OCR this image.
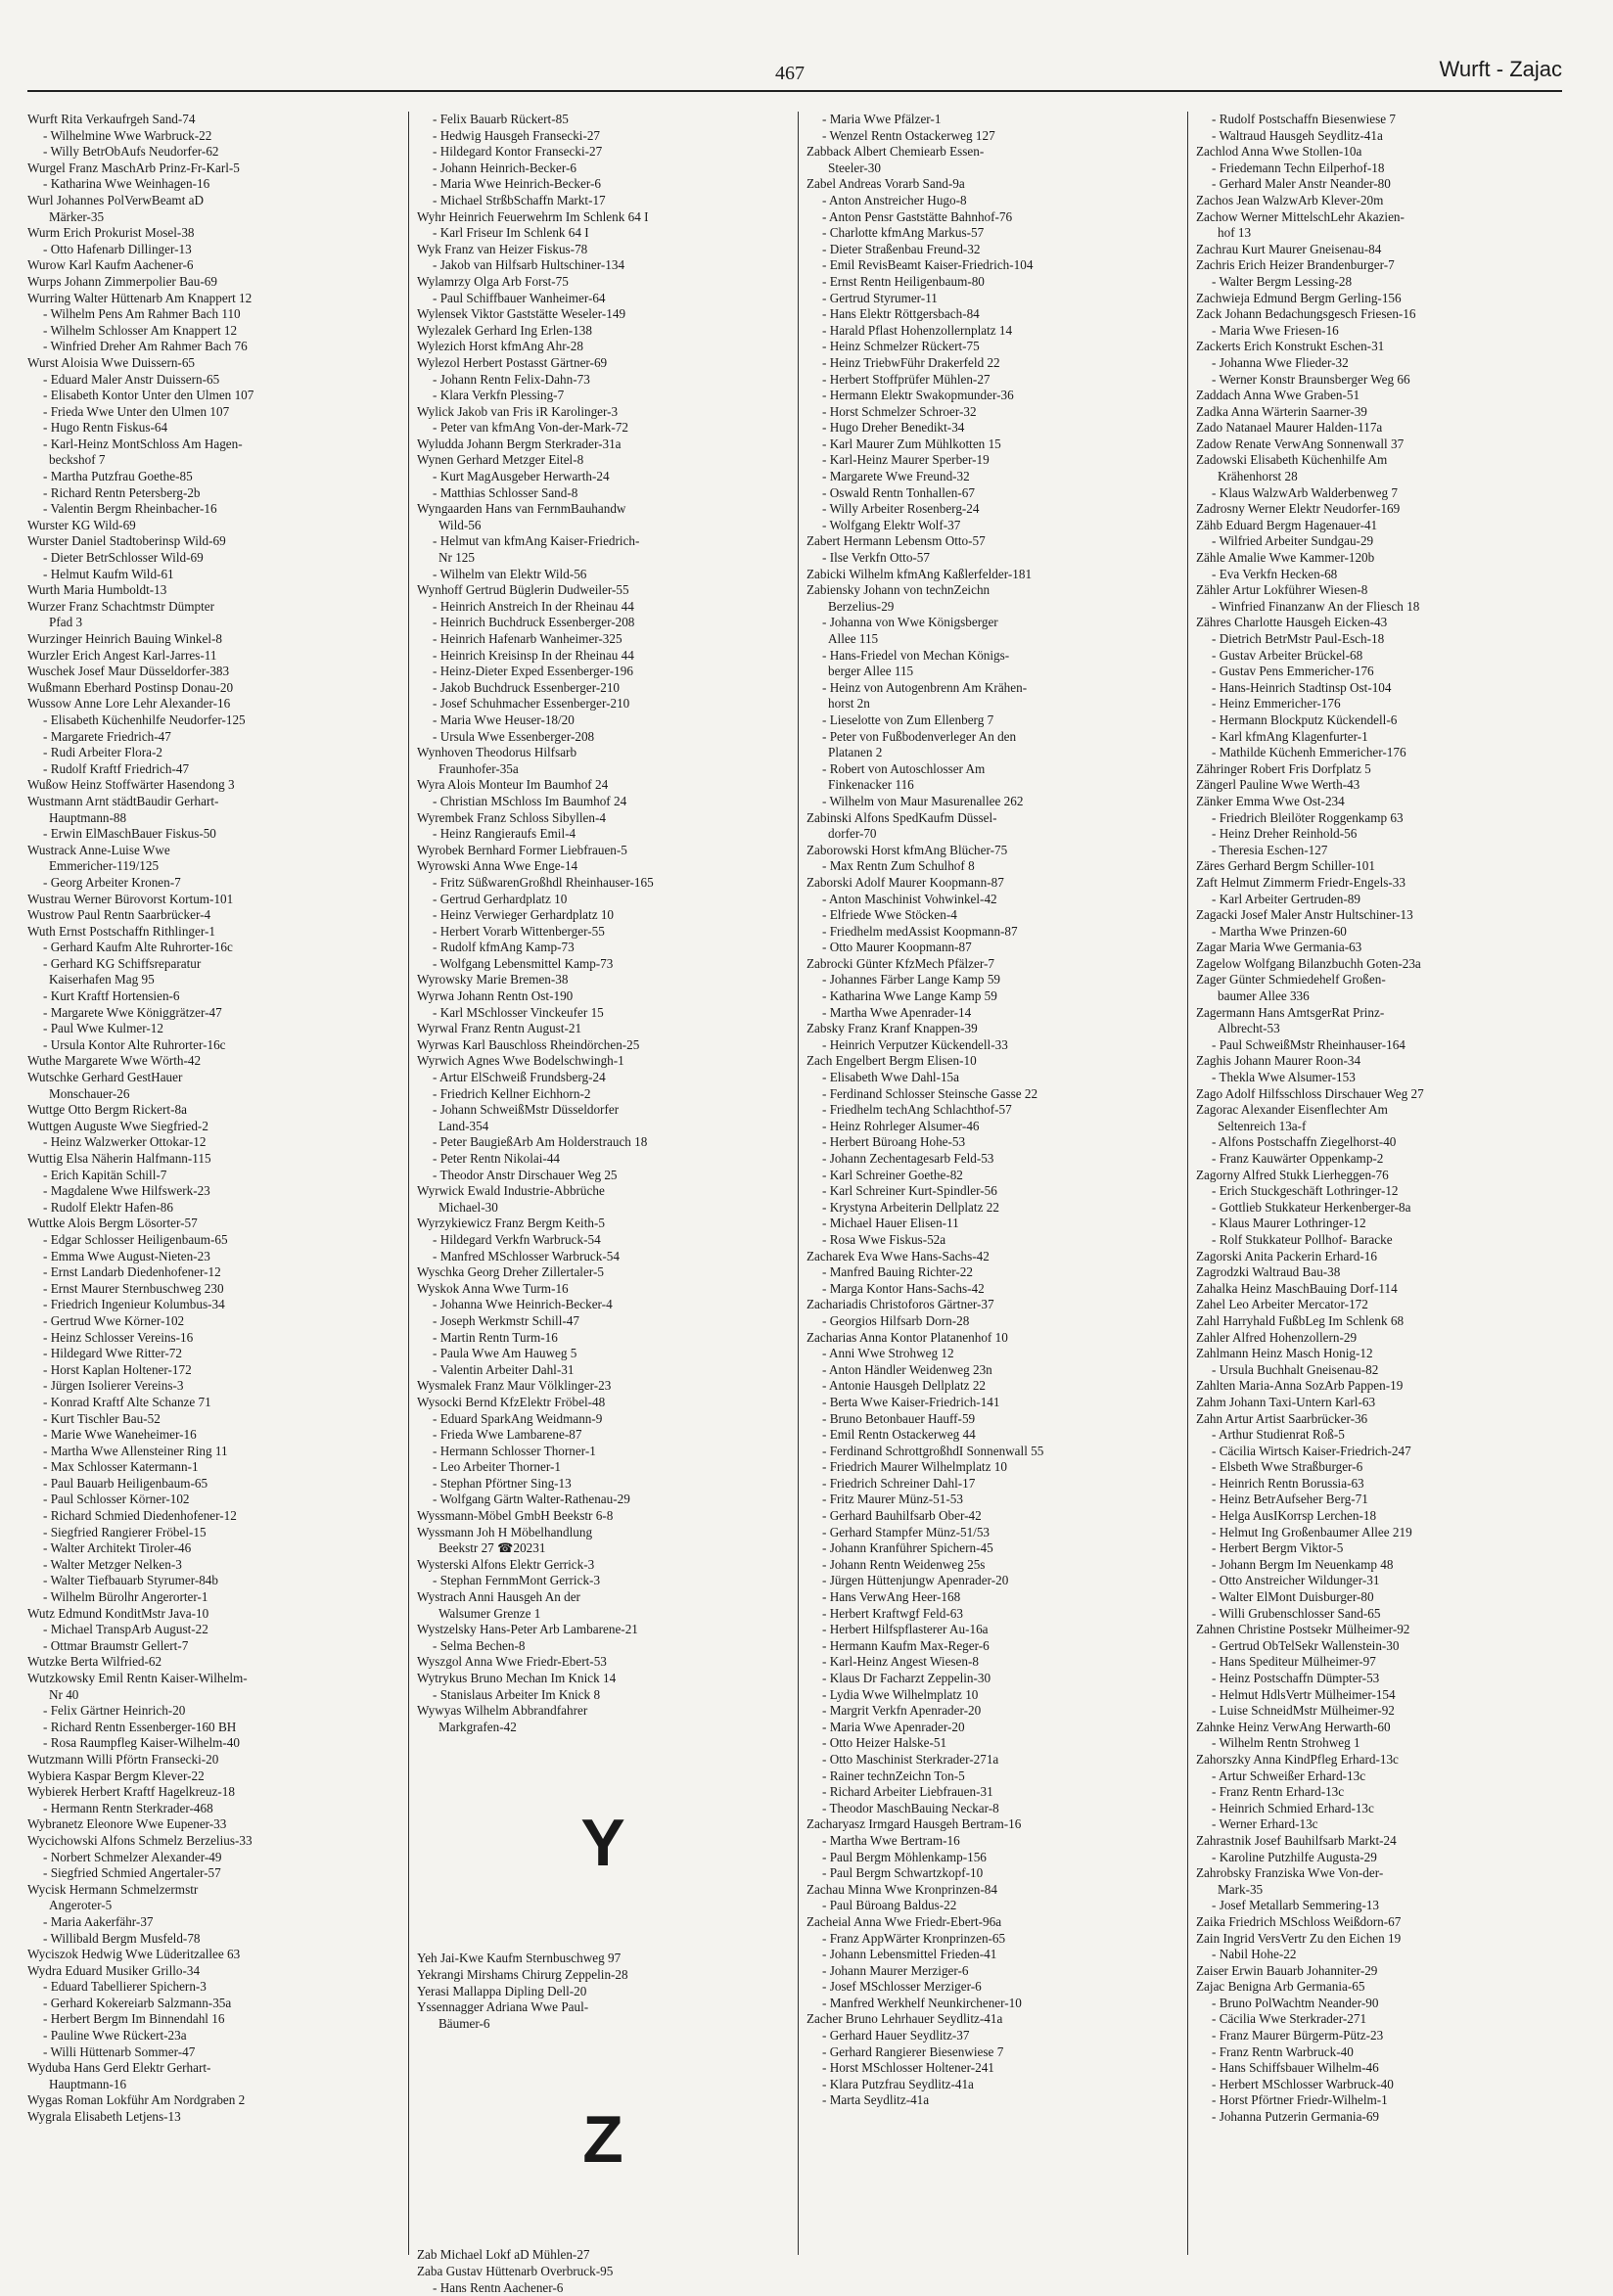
467	Wurft - Zajac
Wurft Rita Verkaufrgeh Sand-74
- Wilhelmine Wwe Warbruck-22
- Willy BetrObAufs Neudorfer-62
Wurgel Franz MaschArb Prinz-Fr-Karl-5
- Katharina Wwe Weinhagen-16
Wurl Johannes PolVerwBeamt aD
Märker-35
Wurm Erich Prokurist Mosel-38
- Otto Hafenarb Dillinger-13
Wurow Karl Kaufm Aachener-6
Wurps Johann Zimmerpolier Bau-69
Wurring Walter Hüttenarb Am Knappert 12
- Wilhelm Pens Am Rahmer Bach 110
- Wilhelm Schlosser Am Knappert 12
- Winfried Dreher Am Rahmer Bach 76
Wurst Aloisia Wwe Duissern-65
- Eduard Maler Anstr Duissern-65
- Elisabeth Kontor Unter den Ulmen 107
- Frieda Wwe Unter den Ulmen 107
- Hugo Rentn Fiskus-64
- Karl-Heinz MontSchloss Am Hagen-
beckshof 7
- Martha Putzfrau Goethe-85
- Richard Rentn Petersberg-2b
- Valentin Bergm Rheinbacher-16
Wurster KG Wild-69
Wurster Daniel Stadtoberinsp Wild-69
- Dieter BetrSchlosser Wild-69
- Helmut Kaufm Wild-61
Wurth Maria Humboldt-13
Wurzer Franz Schachtmstr Dümpter
Pfad 3
Wurzinger Heinrich Bauing Winkel-8
Wurzler Erich Angest Karl-Jarres-11
Wuschek Josef Maur Düsseldorfer-383
Wußmann Eberhard Postinsp Donau-20
Wussow Anne Lore Lehr Alexander-16
- Elisabeth Küchenhilfe Neudorfer-125
- Margarete Friedrich-47
- Rudi Arbeiter Flora-2
- Rudolf Kraftf Friedrich-47
Wußow Heinz Stoffwärter Hasendong 3
Wustmann Arnt städtBaudir Gerhart-
Hauptmann-88
- Erwin ElMaschBauer Fiskus-50
Wustrack Anne-Luise Wwe
Emmericher-119/125
- Georg Arbeiter Kronen-7
Wustrau Werner Bürovorst Kortum-101
Wustrow Paul Rentn Saarbrücker-4
Wuth Ernst Postschaffn Rithlinger-1
- Gerhard Kaufm Alte Ruhrorter-16c
- Gerhard KG Schiffsreparatur
Kaiserhafen Mag 95
- Kurt Kraftf Hortensien-6
- Margarete Wwe Königgrätzer-47
- Paul Wwe Kulmer-12
- Ursula Kontor Alte Ruhrorter-16c
Wuthe Margarete Wwe Wörth-42
Wutschke Gerhard GestHauer
Monschauer-26
Wuttge Otto Bergm Rickert-8a
Wuttgen Auguste Wwe Siegfried-2
- Heinz Walzwerker Ottokar-12
Wuttig Elsa Näherin Halfmann-115
- Erich Kapitän Schill-7
- Magdalene Wwe Hilfswerk-23
- Rudolf Elektr Hafen-86
Wuttke Alois Bergm Lösorter-57
- Edgar Schlosser Heiligenbaum-65
- Emma Wwe August-Nieten-23
- Ernst Landarb Diedenhofener-12
- Ernst Maurer Sternbuschweg 230
- Friedrich Ingenieur Kolumbus-34
- Gertrud Wwe Körner-102
- Heinz Schlosser Vereins-16
- Hildegard Wwe Ritter-72
- Horst Kaplan Holtener-172
- Jürgen Isolierer Vereins-3
- Konrad Kraftf Alte Schanze 71
- Kurt Tischler Bau-52
- Marie Wwe Waneheimer-16
- Martha Wwe Allensteiner Ring 11
- Max Schlosser Katermann-1
- Paul Bauarb Heiligenbaum-65
- Paul Schlosser Körner-102
- Richard Schmied Diedenhofener-12
- Siegfried Rangierer Fröbel-15
- Walter Architekt Tiroler-46
- Walter Metzger Nelken-3
- Walter Tiefbauarb Styrumer-84b
- Wilhelm Bürolhr Angerorter-1
Wutz Edmund KonditMstr Java-10
- Michael TranspArb August-22
- Ottmar Braumstr Gellert-7
Wutzke Berta Wilfried-62
Wutzkowsky Emil Rentn Kaiser-Wilhelm-
Nr 40
- Felix Gärtner Heinrich-20
- Richard Rentn Essenberger-160 BH
- Rosa Raumpfleg Kaiser-Wilhelm-40
Wutzmann Willi Pförtn Fransecki-20
Wybiera Kaspar Bergm Klever-22
Wybierek Herbert Kraftf Hagelkreuz-18
- Hermann Rentn Sterkrader-468
Wybranetz Eleonore Wwe Eupener-33
Wycichowski Alfons Schmelz Berzelius-33
- Norbert Schmelzer Alexander-49
- Siegfried Schmied Angertaler-57
Wycisk Hermann Schmelzermstr
Angeroter-5
- Maria Aakerfähr-37
- Willibald Bergm Musfeld-78
Wyciszok Hedwig Wwe Lüderitzallee 63
Wydra Eduard Musiker Grillo-34
- Eduard Tabellierer Spichern-3
- Gerhard Kokereiarb Salzmann-35a
- Herbert Bergm Im Binnendahl 16
- Pauline Wwe Rückert-23a
- Willi Hüttenarb Sommer-47
Wyduba Hans Gerd Elektr Gerhart-
Hauptmann-16
Wygas Roman Lokführ Am Nordgraben 2
Wygrala Elisabeth Letjens-13
- Felix Bauarb Rückert-85
- Hedwig Hausgeh Fransecki-27
- Hildegard Kontor Fransecki-27
- Johann Heinrich-Becker-6
- Maria Wwe Heinrich-Becker-6
- Michael StrßbSchaffn Markt-17
Wyhr Heinrich Feuerwehrm Im Schlenk 64 I
- Karl Friseur Im Schlenk 64 I
Wyk Franz van Heizer Fiskus-78
- Jakob van Hilfsarb Hultschiner-134
Wylamrzy Olga Arb Forst-75
- Paul Schiffbauer Wanheimer-64
Wylensek Viktor Gaststätte Weseler-149
Wylezalek Gerhard Ing Erlen-138
Wylezich Horst kfmAng Ahr-28
Wylezol Herbert Postasst Gärtner-69
- Johann Rentn Felix-Dahn-73
- Klara Verkfn Plessing-7
Wylick Jakob van Fris iR Karolinger-3
- Peter van kfmAng Von-der-Mark-72
Wyludda Johann Bergm Sterkrader-31a
Wynen Gerhard Metzger Eitel-8
- Kurt MagAusgeber Herwarth-24
- Matthias Schlosser Sand-8
Wyngaarden Hans van FernmBauhandw
Wild-56
- Helmut van kfmAng Kaiser-Friedrich-
Nr 125
- Wilhelm van Elektr Wild-56
Wynhoff Gertrud Büglerin Dudweiler-55
- Heinrich Anstreich In der Rheinau 44
- Heinrich Buchdruck Essenberger-208
- Heinrich Hafenarb Wanheimer-325
- Heinrich Kreisinsp In der Rheinau 44
- Heinz-Dieter Exped Essenberger-196
- Jakob Buchdruck Essenberger-210
- Josef Schuhmacher Essenberger-210
- Maria Wwe Heuser-18/20
- Ursula Wwe Essenberger-208
Wynhoven Theodorus Hilfsarb
Fraunhofer-35a
Wyra Alois Monteur Im Baumhof 24
- Christian MSchloss Im Baumhof 24
Wyrembek Franz Schloss Sibyllen-4
- Heinz Rangieraufs Emil-4
Wyrobek Bernhard Former Liebfrauen-5
Wyrowski Anna Wwe Enge-14
- Fritz SüßwarenGroßhdl Rheinhauser-165
- Gertrud Gerhardplatz 10
- Heinz Verwieger Gerhardplatz 10
- Herbert Vorarb Wittenberger-55
- Rudolf kfmAng Kamp-73
- Wolfgang Lebensmittel Kamp-73
Wyrowsky Marie Bremen-38
Wyrwa Johann Rentn Ost-190
- Karl MSchlosser Vinckeufer 15
Wyrwal Franz Rentn August-21
Wyrwas Karl Bauschloss Rheindörchen-25
Wyrwich Agnes Wwe Bodelschwingh-1
- Artur ElSchweiß Frundsberg-24
- Friedrich Kellner Eichhorn-2
- Johann SchweißMstr Düsseldorfer
Land-354
- Peter BaugießArb Am Holderstrauch 18
- Peter Rentn Nikolai-44
- Theodor Anstr Dirschauer Weg 25
Wyrwick Ewald Industrie-Abbrüche
Michael-30
Wyrzykiewicz Franz Bergm Keith-5
- Hildegard Verkfn Warbruck-54
- Manfred MSchlosser Warbruck-54
Wyschka Georg Dreher Zillertaler-5
Wyskok Anna Wwe Turm-16
- Johanna Wwe Heinrich-Becker-4
- Joseph Werkmstr Schill-47
- Martin Rentn Turm-16
- Paula Wwe Am Hauweg 5
- Valentin Arbeiter Dahl-31
Wysmalek Franz Maur Völklinger-23
Wysocki Bernd KfzElektr Fröbel-48
- Eduard SparkAng Weidmann-9
- Frieda Wwe Lambarene-87
- Hermann Schlosser Thorner-1
- Leo Arbeiter Thorner-1
- Stephan Pförtner Sing-13
- Wolfgang Gärtn Walter-Rathenau-29
Wyssmann-Möbel GmbH Beekstr 6-8
Wyssmann Joh H Möbelhandlung
Beekstr 27 ☎20231
Wysterski Alfons Elektr Gerrick-3
- Stephan FernmMont Gerrick-3
Wystrach Anni Hausgeh An der
Walsumer Grenze 1
Wystzelsky Hans-Peter Arb Lambarene-21
- Selma Bechen-8
Wyszgol Anna Wwe Friedr-Ebert-53
Wytrykus Bruno Mechan Im Knick 14
- Stanislaus Arbeiter Im Knick 8
Wywyas Wilhelm Abbrandfahrer
Markgrafen-42
Y
Yeh Jai-Kwe Kaufm Sternbuschweg 97
Yekrangi Mirshams Chirurg Zeppelin-28
Yerasi Mallappa Dipling Dell-20
Yssennagger Adriana Wwe Paul-
Bäumer-6
Z
Zab Michael Lokf aD Mühlen-27
Zaba Gustav Hüttenarb Overbruck-95
- Hans Rentn Aachener-6
- Maria Wwe Pfälzer-1
- Wenzel Rentn Ostackerweg 127
Zabback Albert Chemiearb Essen-
Steeler-30
Zabel Andreas Vorarb Sand-9a
- Anton Anstreicher Hugo-8
- Anton Pensr Gaststätte Bahnhof-76
- Charlotte kfmAng Markus-57
- Dieter Straßenbau Freund-32
- Emil RevisBeamt Kaiser-Friedrich-104
- Ernst Rentn Heiligenbaum-80
- Gertrud Styrumer-11
- Hans Elektr Röttgersbach-84
- Harald Pflast Hohenzollernplatz 14
- Heinz Schmelzer Rückert-75
- Heinz TriebwFühr Drakerfeld 22
- Herbert Stoffprüfer Mühlen-27
- Hermann Elektr Swakopmunder-36
- Horst Schmelzer Schroer-32
- Hugo Dreher Benedikt-34
- Karl Maurer Zum Mühlkotten 15
- Karl-Heinz Maurer Sperber-19
- Margarete Wwe Freund-32
- Oswald Rentn Tonhallen-67
- Willy Arbeiter Rosenberg-24
- Wolfgang Elektr Wolf-37
Zabert Hermann Lebensm Otto-57
- Ilse Verkfn Otto-57
Zabicki Wilhelm kfmAng Kaßlerfelder-181
Zabiensky Johann von technZeichn
Berzelius-29
- Johanna von Wwe Königsberger
Allee 115
- Hans-Friedel von Mechan Königs-
berger Allee 115
- Heinz von Autogenbrenn Am Krähen-
horst 2n
- Lieselotte von Zum Ellenberg 7
- Peter von Fußbodenverleger An den
Platanen 2
- Robert von Autoschlosser Am
Finkenacker 116
- Wilhelm von Maur Masurenallee 262
Zabinski Alfons SpedKaufm Düssel-
dorfer-70
Zaborowski Horst kfmAng Blücher-75
- Max Rentn Zum Schulhof 8
Zaborski Adolf Maurer Koopmann-87
- Anton Maschinist Vohwinkel-42
- Elfriede Wwe Stöcken-4
- Friedhelm medAssist Koopmann-87
- Otto Maurer Koopmann-87
Zabrocki Günter KfzMech Pfälzer-7
- Johannes Färber Lange Kamp 59
- Katharina Wwe Lange Kamp 59
- Martha Wwe Apenrader-14
Zabsky Franz Kranf Knappen-39
- Heinrich Verputzer Kückendell-33
Zach Engelbert Bergm Elisen-10
- Elisabeth Wwe Dahl-15a
- Ferdinand Schlosser Steinsche Gasse 22
- Friedhelm techAng Schlachthof-57
- Heinz Rohrleger Alsumer-46
- Herbert Büroang Hohe-53
- Johann Zechentagesarb Feld-53
- Karl Schreiner Goethe-82
- Karl Schreiner Kurt-Spindler-56
- Krystyna Arbeiterin Dellplatz 22
- Michael Hauer Elisen-11
- Rosa Wwe Fiskus-52a
Zacharek Eva Wwe Hans-Sachs-42
- Manfred Bauing Richter-22
- Marga Kontor Hans-Sachs-42
Zachariadis Christoforos Gärtner-37
- Georgios Hilfsarb Dorn-28
Zacharias Anna Kontor Platanenhof 10
- Anni Wwe Strohweg 12
- Anton Händler Weidenweg 23n
- Antonie Hausgeh Dellplatz 22
- Berta Wwe Kaiser-Friedrich-141
- Bruno Betonbauer Hauff-59
- Emil Rentn Ostackerweg 44
- Ferdinand SchrottgroßhdI Sonnenwall 55
- Friedrich Maurer Wilhelmplatz 10
- Friedrich Schreiner Dahl-17
- Fritz Maurer Münz-51-53
- Gerhard Bauhilfsarb Ober-42
- Gerhard Stampfer Münz-51/53
- Johann Kranführer Spichern-45
- Johann Rentn Weidenweg 25s
- Jürgen Hüttenjungw Apenrader-20
- Hans VerwAng Heer-168
- Herbert Kraftwgf Feld-63
- Herbert Hilfspflasterer Au-16a
- Hermann Kaufm Max-Reger-6
- Karl-Heinz Angest Wiesen-8
- Klaus Dr Facharzt Zeppelin-30
- Lydia Wwe Wilhelmplatz 10
- Margrit Verkfn Apenrader-20
- Maria Wwe Apenrader-20
- Otto Heizer Halske-51
- Otto Maschinist Sterkrader-271a
- Rainer technZeichn Ton-5
- Richard Arbeiter Liebfrauen-31
- Theodor MaschBauing Neckar-8
Zacharyasz Irmgard Hausgeh Bertram-16
- Martha Wwe Bertram-16
- Paul Bergm Möhlenkamp-156
- Paul Bergm Schwartzkopf-10
Zachau Minna Wwe Kronprinzen-84
- Paul Büroang Baldus-22
Zacheial Anna Wwe Friedr-Ebert-96a
- Franz AppWärter Kronprinzen-65
- Johann Lebensmittel Frieden-41
- Johann Maurer Merziger-6
- Josef MSchlosser Merziger-6
- Manfred Werkhelf Neunkirchener-10
Zacher Bruno Lehrhauer Seydlitz-41a
- Gerhard Hauer Seydlitz-37
- Gerhard Rangierer Biesenwiese 7
- Horst MSchlosser Holtener-241
- Klara Putzfrau Seydlitz-41a
- Marta Seydlitz-41a
- Rudolf Postschaffn Biesenwiese 7
- Waltraud Hausgeh Seydlitz-41a
Zachlod Anna Wwe Stollen-10a
- Friedemann Techn Eilperhof-18
- Gerhard Maler Anstr Neander-80
Zachos Jean WalzwArb Klever-20m
Zachow Werner MittelschLehr Akazien-
hof 13
Zachrau Kurt Maurer Gneisenau-84
Zachris Erich Heizer Brandenburger-7
- Walter Bergm Lessing-28
Zachwieja Edmund Bergm Gerling-156
Zack Johann Bedachungsgesch Friesen-16
- Maria Wwe Friesen-16
Zackerts Erich Konstrukt Eschen-31
- Johanna Wwe Flieder-32
- Werner Konstr Braunsberger Weg 66
Zaddach Anna Wwe Graben-51
Zadka Anna Wärterin Saarner-39
Zado Natanael Maurer Halden-117a
Zadow Renate VerwAng Sonnenwall 37
Zadowski Elisabeth Küchenhilfe Am
Krähenhorst 28
- Klaus WalzwArb Walderbenweg 7
Zadrosny Werner Elektr Neudorfer-169
Zähb Eduard Bergm Hagenauer-41
- Wilfried Arbeiter Sundgau-29
Zähle Amalie Wwe Kammer-120b
- Eva Verkfn Hecken-68
Zähler Artur Lokführer Wiesen-8
- Winfried Finanzanw An der Fliesch 18
Zähres Charlotte Hausgeh Eicken-43
- Dietrich BetrMstr Paul-Esch-18
- Gustav Arbeiter Brückel-68
- Gustav Pens Emmericher-176
- Hans-Heinrich Stadtinsp Ost-104
- Heinz Emmericher-176
- Hermann Blockputz Kückendell-6
- Karl kfmAng Klagenfurter-1
- Mathilde Küchenh Emmericher-176
Zähringer Robert Fris Dorfplatz 5
Zängerl Pauline Wwe Werth-43
Zänker Emma Wwe Ost-234
- Friedrich Bleilöter Roggenkamp 63
- Heinz Dreher Reinhold-56
- Theresia Eschen-127
Zäres Gerhard Bergm Schiller-101
Zaft Helmut Zimmerm Friedr-Engels-33
- Karl Arbeiter Gertruden-89
Zagacki Josef Maler Anstr Hultschiner-13
- Martha Wwe Prinzen-60
Zagar Maria Wwe Germania-63
Zagelow Wolfgang Bilanzbuchh Goten-23a
Zager Günter Schmiedehelf Großen-
baumer Allee 336
Zagermann Hans AmtsgerRat Prinz-
Albrecht-53
- Paul SchweißMstr Rheinhauser-164
Zaghis Johann Maurer Roon-34
- Thekla Wwe Alsumer-153
Zago Adolf Hilfsschloss Dirschauer Weg 27
Zagorac Alexander Eisenflechter Am
Seltenreich 13a-f
- Alfons Postschaffn Ziegelhorst-40
- Franz Kauwärter Oppenkamp-2
Zagorny Alfred Stukk Lierheggen-76
- Erich Stuckgeschäft Lothringer-12
- Gottlieb Stukkateur Herkenberger-8a
- Klaus Maurer Lothringer-12
- Rolf Stukkateur Pollhof- Baracke
Zagorski Anita Packerin Erhard-16
Zagrodzki Waltraud Bau-38
Zahalka Heinz MaschBauing Dorf-114
Zahel Leo Arbeiter Mercator-172
Zahl Harryhald FußbLeg Im Schlenk 68
Zahler Alfred Hohenzollern-29
Zahlmann Heinz Masch Honig-12
- Ursula Buchhalt Gneisenau-82
Zahlten Maria-Anna SozArb Pappen-19
Zahm Johann Taxi-Untern Karl-63
Zahn Artur Artist Saarbrücker-36
- Arthur Studienrat Roß-5
- Cäcilia Wirtsch Kaiser-Friedrich-247
- Elsbeth Wwe Straßburger-6
- Heinrich Rentn Borussia-63
- Heinz BetrAufseher Berg-71
- Helga AusIKorrsp Lerchen-18
- Helmut Ing Großenbaumer Allee 219
- Herbert Bergm Viktor-5
- Johann Bergm Im Neuenkamp 48
- Otto Anstreicher Wildunger-31
- Walter ElMont Duisburger-80
- Willi Grubenschlosser Sand-65
Zahnen Christine Postsekr Mülheimer-92
- Gertrud ObTelSekr Wallenstein-30
- Hans Spediteur Mülheimer-97
- Heinz Postschaffn Dümpter-53
- Helmut HdlsVertr Mülheimer-154
- Luise SchneidMstr Mülheimer-92
Zahnke Heinz VerwAng Herwarth-60
- Wilhelm Rentn Strohweg 1
Zahorszky Anna KindPfleg Erhard-13c
- Artur Schweißer Erhard-13c
- Franz Rentn Erhard-13c
- Heinrich Schmied Erhard-13c
- Werner Erhard-13c
Zahrastnik Josef Bauhilfsarb Markt-24
- Karoline Putzhilfe Augusta-29
Zahrobsky Franziska Wwe Von-der-
Mark-35
- Josef Metallarb Semmering-13
Zaika Friedrich MSchloss Weißdorn-67
Zain Ingrid VersVertr Zu den Eichen 19
- Nabil Hohe-22
Zaiser Erwin Bauarb Johanniter-29
Zajac Benigna Arb Germania-65
- Bruno PolWachtm Neander-90
- Cäcilia Wwe Sterkrader-271
- Franz Maurer Bürgerm-Pütz-23
- Franz Rentn Warbruck-40
- Hans Schiffsbauer Wilhelm-46
- Herbert MSchlosser Warbruck-40
- Horst Pförtner Friedr-Wilhelm-1
- Johanna Putzerin Germania-69
